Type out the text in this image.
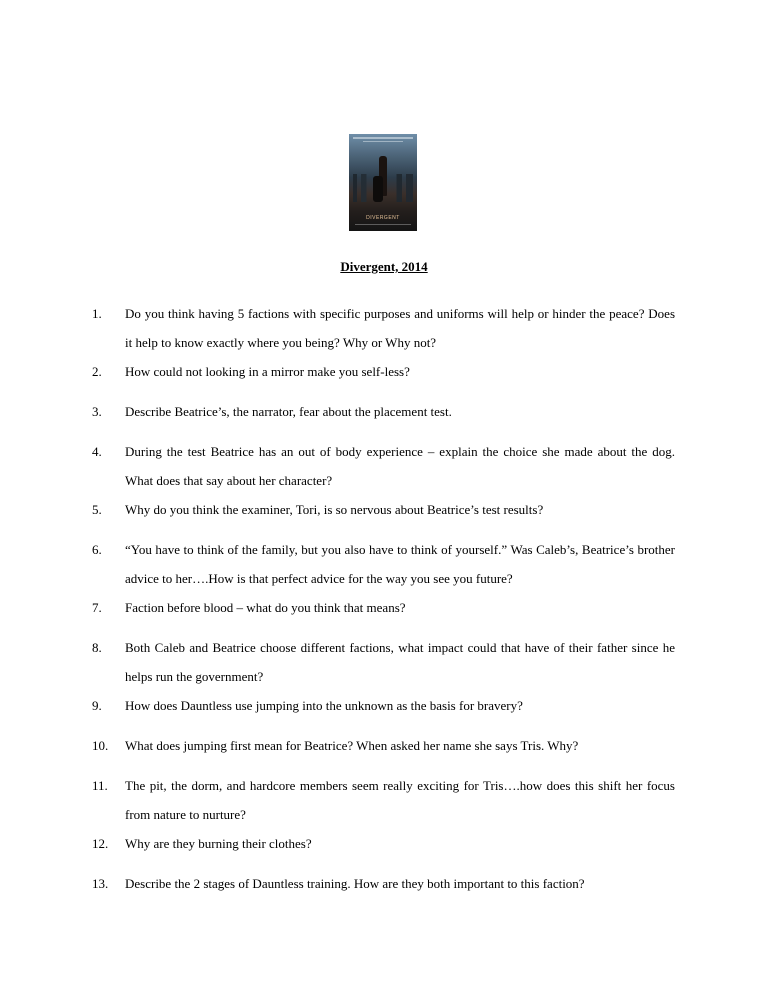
DIVERGENT
Divergent, 2014
1. Do you think having 5 factions with specific purposes and uniforms will help or hinder the peace? Does it help to know exactly where you being? Why or Why not?
2. How could not looking in a mirror make you self-less?
3. Describe Beatrice’s, the narrator, fear about the placement test.
4. During the test Beatrice has an out of body experience – explain the choice she made about the dog. What does that say about her character?
5. Why do you think the examiner, Tori, is so nervous about Beatrice’s test results?
6. “You have to think of the family, but you also have to think of yourself.” Was Caleb’s, Beatrice’s brother advice to her….How is that perfect advice for the way you see you future?
7. Faction before blood – what do you think that means?
8. Both Caleb and Beatrice choose different factions, what impact could that have of their father since he helps run the government?
9. How does Dauntless use jumping into the unknown as the basis for bravery?
10. What does jumping first mean for Beatrice? When asked her name she says Tris. Why?
11. The pit, the dorm, and hardcore members seem really exciting for Tris….how does this shift her focus from nature to nurture?
12. Why are they burning their clothes?
13. Describe the 2 stages of Dauntless training. How are they both important to this faction?
